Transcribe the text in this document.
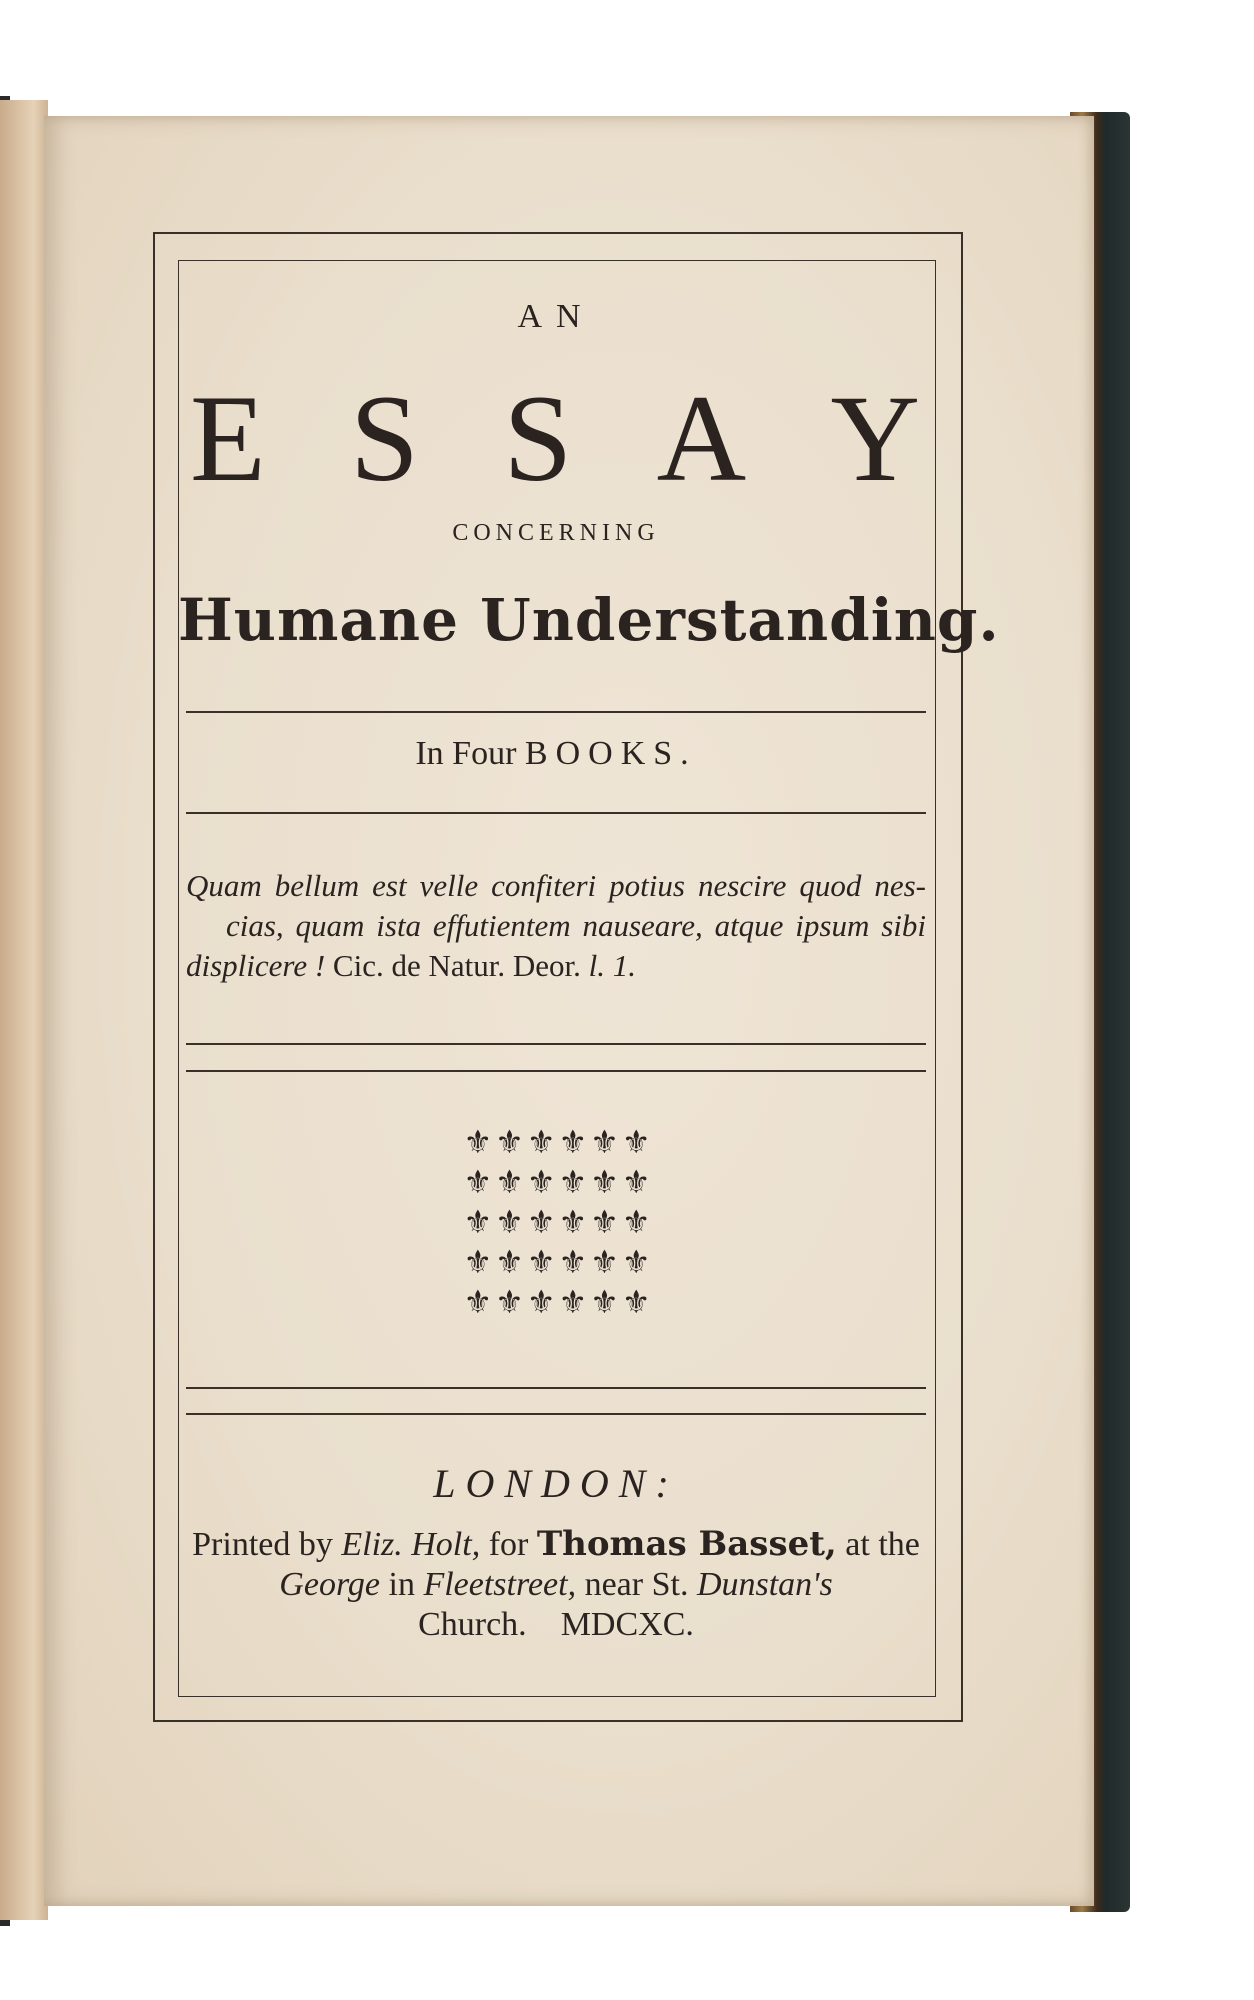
AN
E S S A Y
CONCERNING
Humane Understanding.
In Four BOOKS.
Quam bellum est velle confiteri potius nescire quod nes-
cias, quam ista effutientem nauseare, atque ipsum sibi
displicere ! Cic. de Natur. Deor. l. 1.
⚜ ⚜ ⚜ ⚜ ⚜ ⚜
⚜ ⚜ ⚜ ⚜ ⚜ ⚜
⚜ ⚜ ⚜ ⚜ ⚜ ⚜
⚜ ⚜ ⚜ ⚜ ⚜ ⚜
⚜ ⚜ ⚜ ⚜ ⚜ ⚜
LONDON:
Printed by Eliz. Holt, for Thomas Basset, at the
George in Fleetstreet, near St. Dunstan's
Church. MDCXC.
